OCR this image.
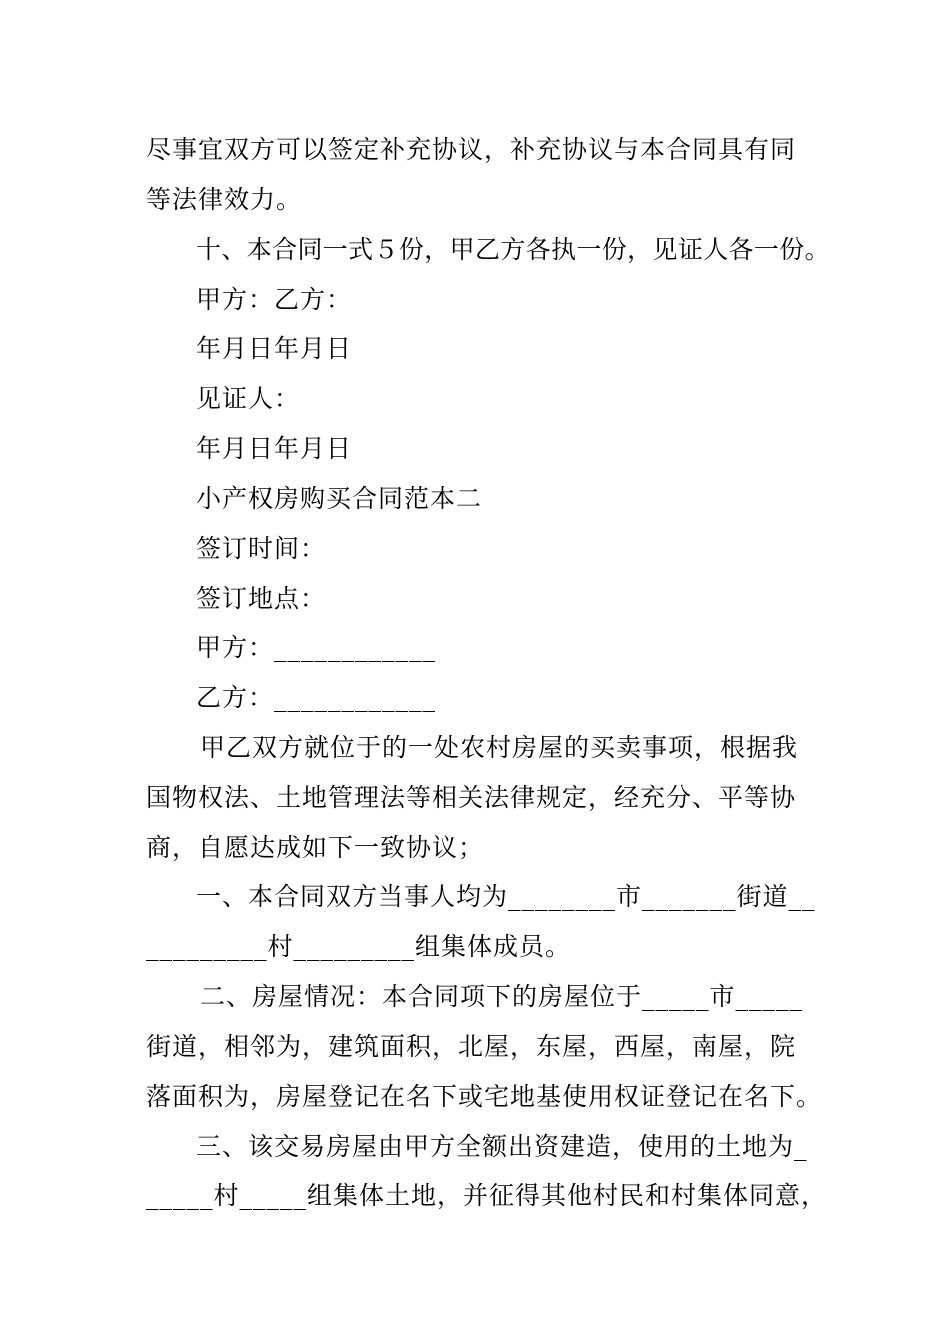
尽事宜双方可以签定补充协议，补充协议与本合同具有同
等法律效力。
十、本合同一式５份，甲乙方各执一份，见证人各一份。
甲方：乙方：
年月日年月日
见证人：
年月日年月日
小产权房购买合同范本二
签订时间：
签订地点：
甲方：____________
乙方：____________
甲乙双方就位于的一处农村房屋的买卖事项，根据我
国物权法、土地管理法等相关法律规定，经充分、平等协
商，自愿达成如下一致协议；
一、本合同双方当事人均为________市_______街道__
_________村_________组集体成员。
二、房屋情况：本合同项下的房屋位于_____市_____
街道，相邻为，建筑面积，北屋，东屋，西屋，南屋，院
落面积为，房屋登记在名下或宅地基使用权证登记在名下。
三、该交易房屋由甲方全额出资建造，使用的土地为_
_____村_____组集体土地，并征得其他村民和村集体同意，
